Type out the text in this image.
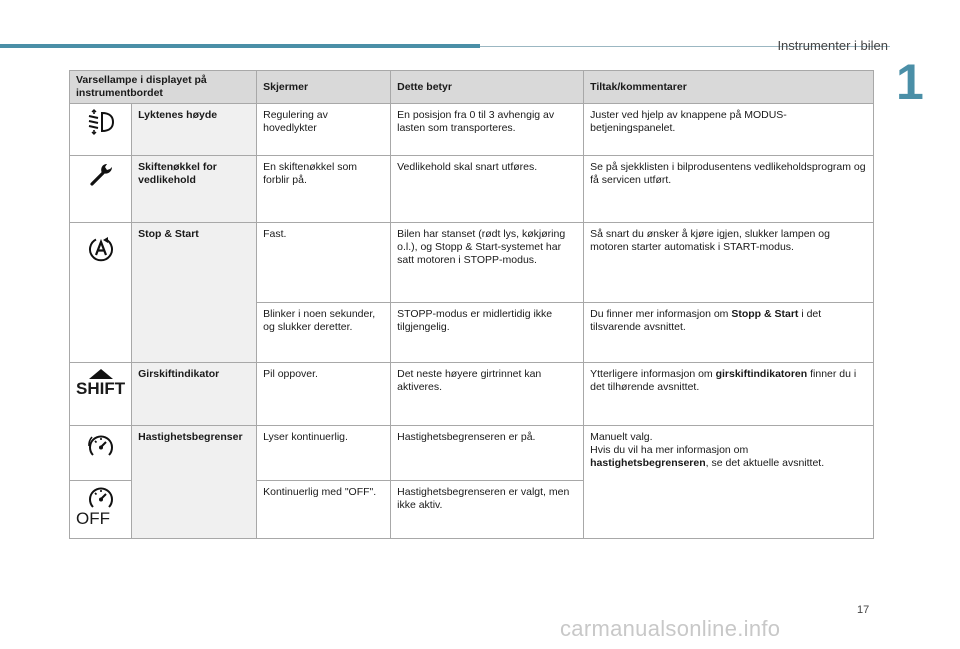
Instrumenter i bilen
1
Varsellampe i displayet på instrumentbordet		Skjermer	Dette betyr	Tiltak/kommentarer

	Lyktenes høyde	Regulering av hovedlykter	En posisjon fra 0 til 3 avhengig av lasten som transporteres.	Juster ved hjelp av knappene på MODUS-betjeningspanelet.

	Skiftenøkkel for vedlikehold	En skiftenøkkel som forblir på.	Vedlikehold skal snart utføres.	Se på sjekklisten i bilprodusentens vedlikeholdsprogram og få servicen utført.

	Stop & Start	Fast.	Bilen har stanset (rødt lys, køkjøring o.l.), og Stopp & Start-systemet har satt motoren i STOPP-modus.	Så snart du ønsker å kjøre igjen, slukker lampen og motoren starter automatisk i START-modus.
		Blinker i noen sekunder, og slukker deretter.	STOPP-modus er midlertidig ikke tilgjengelig.	Du finner mer informasjon om Stopp & Start i det tilsvarende avsnittet.

SHIFT	Girskiftindikator	Pil oppover.	Det neste høyere girtrinnet kan aktiveres.	Ytterligere informasjon om girskiftindikatoren finner du i det tilhørende avsnittet.

	Hastighetsbegrenser	Lyser kontinuerlig.	Hastighetsbegrenseren er på.	Manuelt valg.
Hvis du vil ha mer informasjon om
hastighetsbegrenseren, se det aktuelle avsnittet.

OFF		Kontinuerlig med "OFF".	Hastighetsbegrenseren er valgt, men ikke aktiv.	
17
carmanualsonline.info
